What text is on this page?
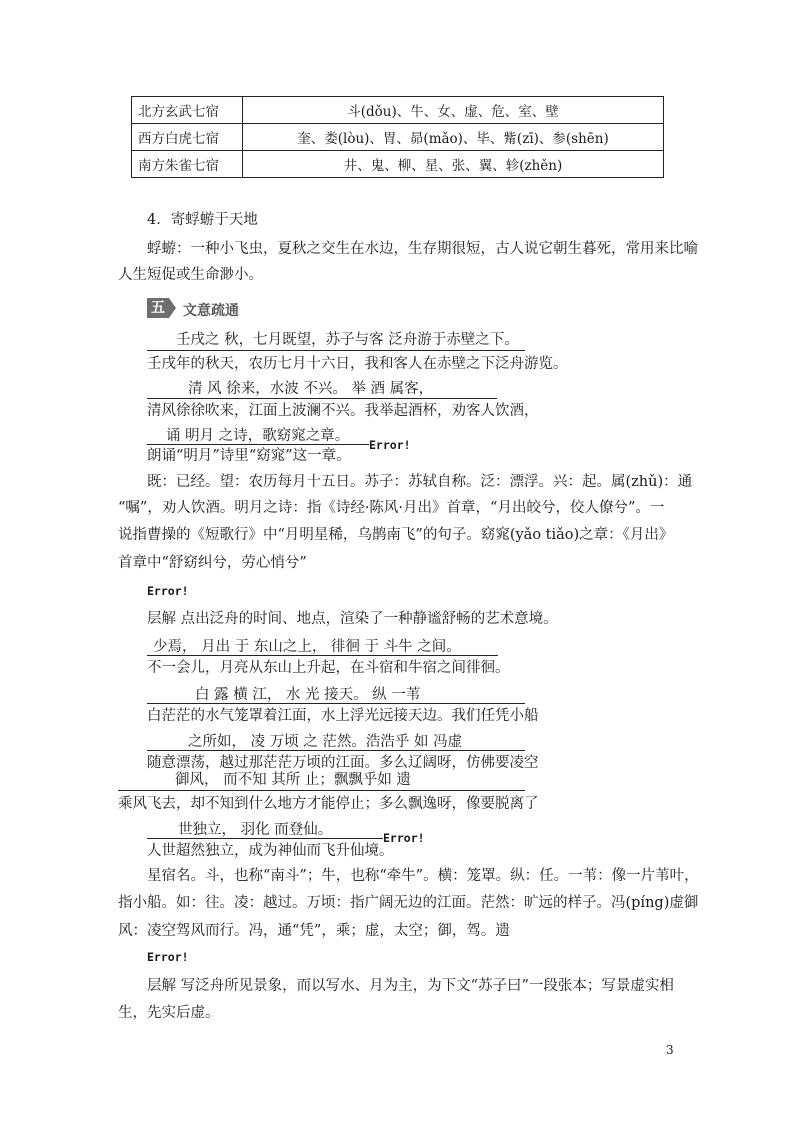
北方玄武七宿	斗(dǒu)、牛、女、虚、危、室、壁
西方白虎七宿	奎、娄(lòu)、胃、昴(mǎo)、毕、觜(zī)、参(shēn)
南方朱雀七宿	井、鬼、柳、星、张、翼、轸(zhěn)
4．寄蜉蝣于天地
蜉蝣：一种小飞虫，夏秋之交生在水边，生存期很短，古人说它朝生暮死，常用来比喻
人生短促或生命渺小。
五 文意疏通
壬戌之 秋，七月既望，苏子与客 泛舟游于赤壁之下。
壬戌年的秋天，农历七月十六日，我和客人在赤壁之下泛舟游览。
清 风 徐来，水波 不兴。 举 酒 属客，
清风徐徐吹来，江面上波澜不兴。我举起酒杯，劝客人饮酒，
诵 明月 之诗，歌窈窕之章。
朗诵“明月”诗里“窈窕”这一章。
Error!
既：已经。望：农历每月十五日。苏子：苏轼自称。泛：漂浮。兴：起。属(zhǔ)：通
“嘱”，劝人饮酒。明月之诗：指《诗经·陈风·月出》首章，“月出皎兮，佼人僚兮”。一
说指曹操的《短歌行》中“月明星稀，乌鹊南飞”的句子。窈窕(yǎo tiǎo)之章：《月出》
首章中“舒窈纠兮，劳心悄兮”
Error!
层解 点出泛舟的时间、地点，渲染了一种静谧舒畅的艺术意境。
少焉， 月出 于 东山之上， 徘徊 于 斗牛 之间。
不一会儿，月亮从东山上升起，在斗宿和牛宿之间徘徊。
白 露 横 江， 水 光 接天。 纵 一苇
白茫茫的水气笼罩着江面，水上浮光远接天边。我们任凭小船
之所如， 凌 万顷 之 茫然。浩浩乎 如 冯虚
随意漂荡，越过那茫茫万顷的江面。多么辽阔呀，仿佛要凌空
御风， 而不知 其所 止；飘飘乎如 遗
乘风飞去，却不知到什么地方才能停止；多么飘逸呀，像要脱离了
世独立， 羽化 而登仙。
人世超然独立，成为神仙而飞升仙境。
Error!
星宿名。斗，也称“南斗”；牛，也称“牵牛”。横：笼罩。纵：任。一苇：像一片苇叶，
指小船。如：往。凌：越过。万顷：指广阔无边的江面。茫然：旷远的样子。冯(píng)虚御
风：凌空驾风而行。冯，通“凭”，乘；虚，太空；御，驾。遗
Error!
层解 写泛舟所见景象，而以写水、月为主，为下文“苏子曰”一段张本；写景虚实相
生，先实后虚。
3
